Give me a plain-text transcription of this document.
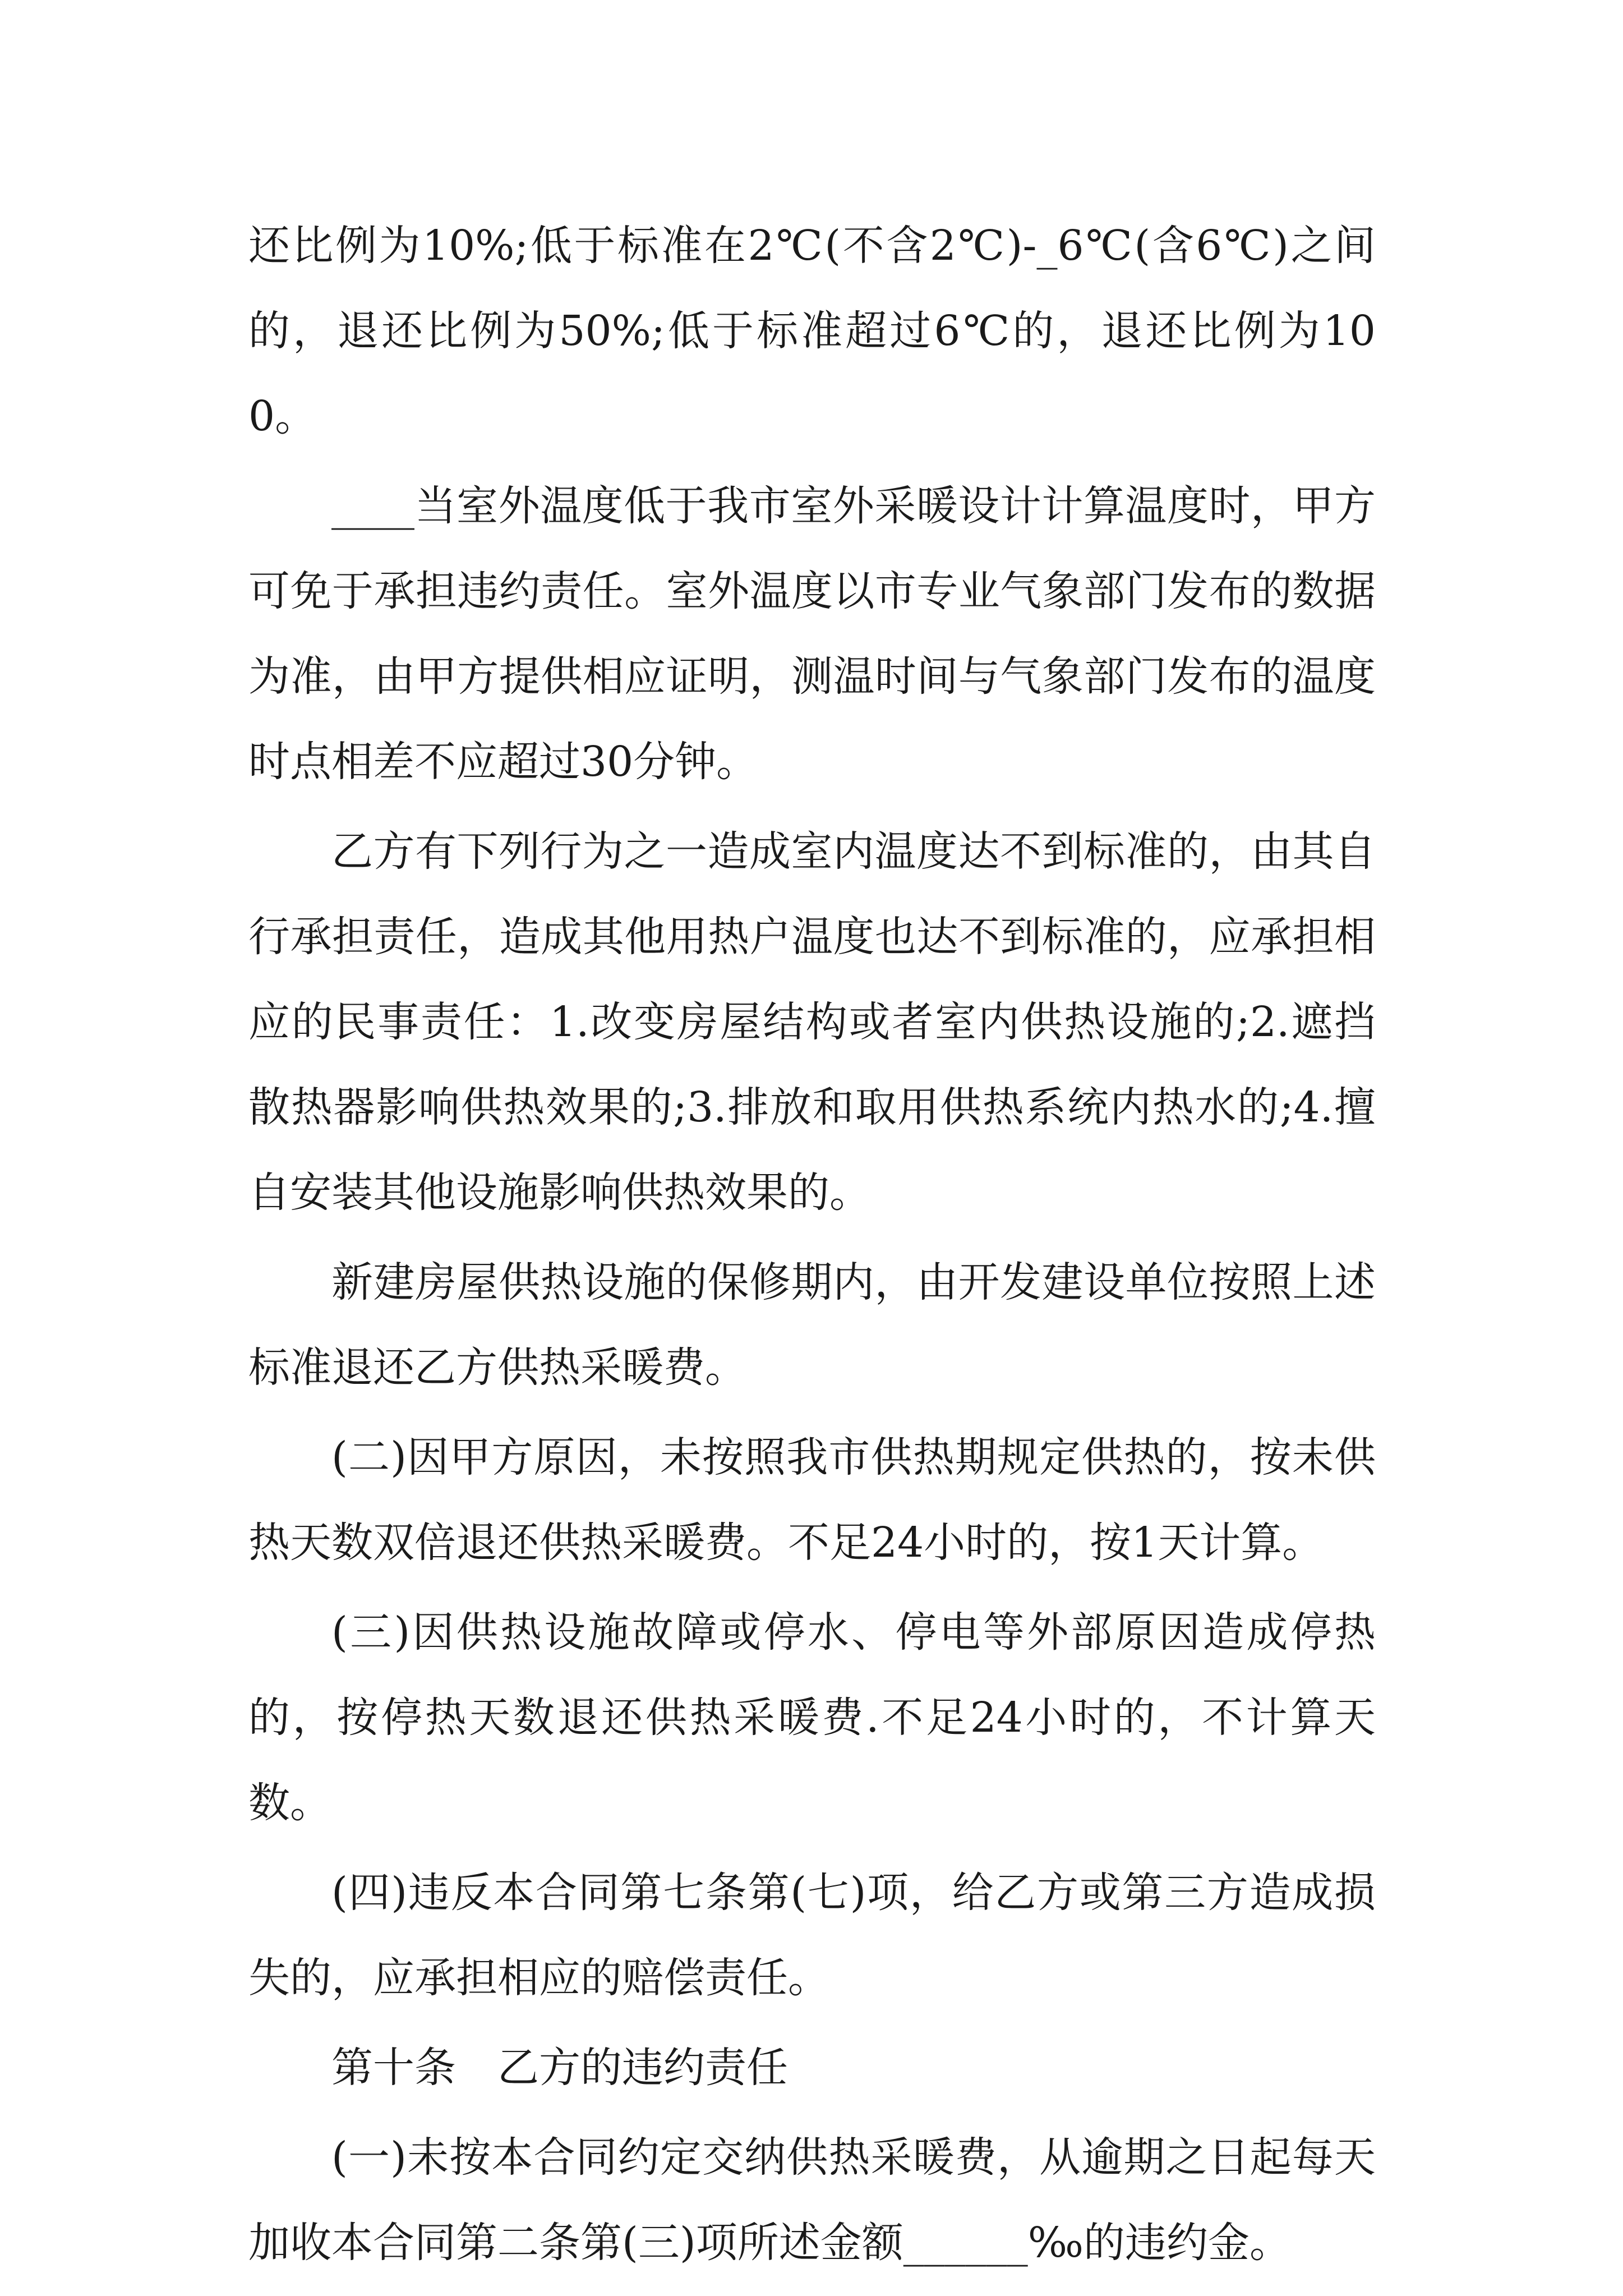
还比例为10%;低于标准在2℃(不含2℃)-_6℃(含6℃)之间的，退还比例为50%;低于标准超过6℃的，退还比例为100。

____当室外温度低于我市室外采暖设计计算温度时，甲方可免于承担违约责任。室外温度以市专业气象部门发布的数据为准，由甲方提供相应证明，测温时间与气象部门发布的温度时点相差不应超过30分钟。

乙方有下列行为之一造成室内温度达不到标准的，由其自行承担责任，造成其他用热户温度也达不到标准的，应承担相应的民事责任：1.改变房屋结构或者室内供热设施的;2.遮挡散热器影响供热效果的;3.排放和取用供热系统内热水的;4.擅自安装其他设施影响供热效果的。

新建房屋供热设施的保修期内，由开发建设单位按照上述标准退还乙方供热采暖费。

(二)因甲方原因，未按照我市供热期规定供热的，按未供热天数双倍退还供热采暖费。不足24小时的，按1天计算。

(三)因供热设施故障或停水、停电等外部原因造成停热的，按停热天数退还供热采暖费.不足24小时的，不计算天数。

(四)违反本合同第七条第(七)项，给乙方或第三方造成损失的，应承担相应的赔偿责任。

第十条　乙方的违约责任

(一)未按本合同约定交纳供热采暖费，从逾期之日起每天加收本合同第二条第(三)项所述金额______‰的违约金。
